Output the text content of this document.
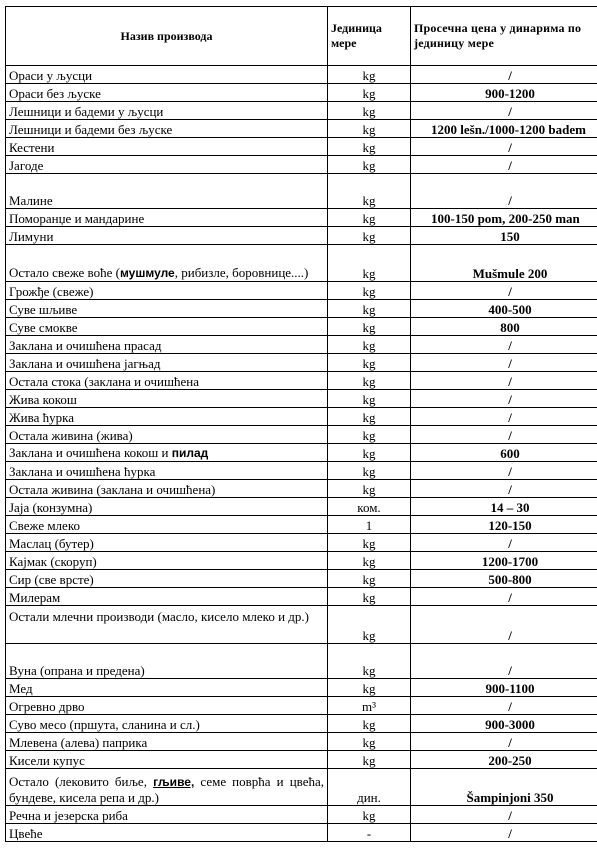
Назив производа	Јединица мере	Просечна цена у динарима по јединицу мере
Ораси у љусци	kg	/
Ораси без љуске	kg	900-1200
Лешници и бадеми у љусци	kg	/
Лешници и бадеми без љуске	kg	1200 lešn./1000-1200 badem
Кестени	kg	/
Јагоде	kg	/
Малине	kg	/
Поморанџе и мандарине	kg	100-150 pom, 200-250 man
Лимуни	kg	150
Остало свеже воће (мушмуле, рибизле, боровнице....)	kg	Mušmule 200
Грожђе (свеже)	kg	/
Суве шљиве	kg	400-500
Суве смокве	kg	800
Заклана и очишћена прасад	kg	/
Заклана и очишћена јагњад	kg	/
Остала стока (заклана и очишћена	kg	/
Жива кокош	kg	/
Жива ћурка	kg	/
Остала живина (жива)	kg	/
Заклана и очишћена кокош и пилад	kg	600
Заклана и очишћена ћурка	kg	/
Остала живина (заклана и очишћена)	kg	/
Јаја (конзумна)	ком.	14 – 30
Свеже млеко	1	120-150
Маслац (бутер)	kg	/
Кајмак (скоруп)	kg	1200-1700
Сир (све врсте)	kg	500-800
Милерам	kg	/
Остали млечни производи (масло, кисело млеко и др.)	kg	/
Вуна (опрана и предена)	kg	/
Мед	kg	900-1100
Огревно дрво	m³	/
Суво месо (пршута, сланина и сл.)	kg	900-3000
Млевена (алева) паприка	kg	/
Кисели купус	kg	200-250
Остало (лековито биље, гљиве, семе поврћа и цвећа, бундеве, кисела репа и др.)	дин.	Šampinjoni 350
Речна и језерска риба	kg	/
Цвеће	-	/
